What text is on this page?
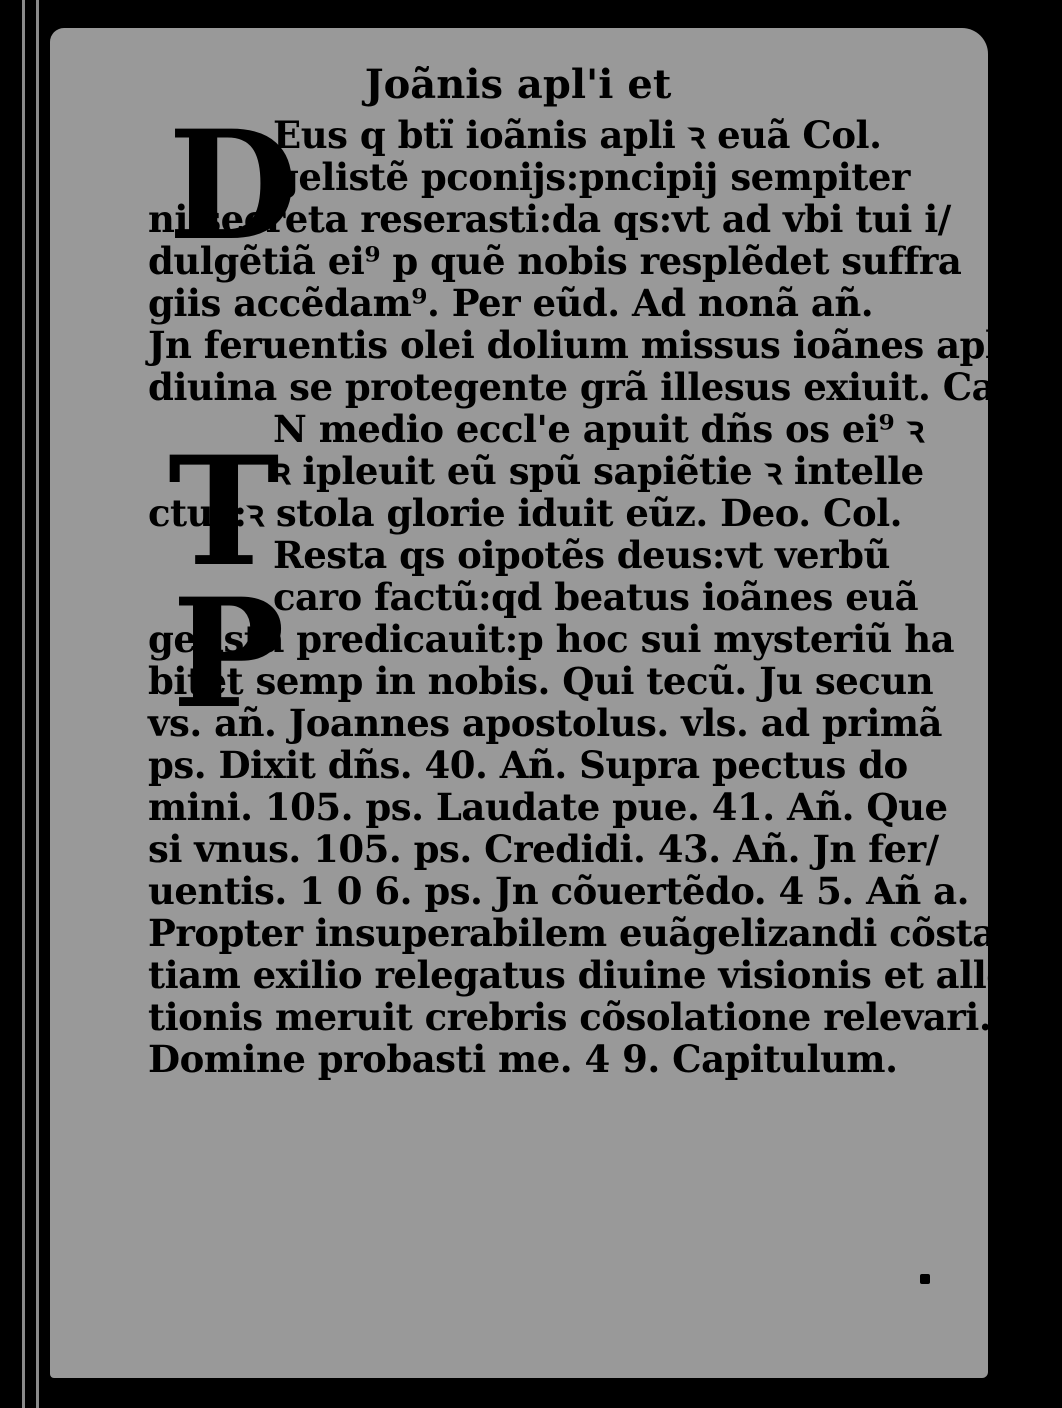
D
T
P
Joãnis apl'i et
Eus q btï ioãnis apli ꝛ euã Col.
gelistẽ pconijs:pncipij sempiter
ni secreta reserasti:da qs:vt ad vbi tui i/
dulgẽtiã ei⁹ p quẽ nobis resplẽdet suffra
giis accẽdam⁹. Per eũd. Ad nonã añ.
Jn feruentis olei dolium missus ioãnes aplo
diuina se protegente grã illesus exiuit. Cap.
N medio eccl'e apuit dñs os ei⁹ ꝛ
ꝛ ipleuit eũ spũ sapiẽtie ꝛ intelle
ctus:ꝛ stola glorie iduit eũz. Deo. Col.
Resta qs oipotẽs deus:vt verbũ
caro factũ:qd beatus ioãnes euã
gelista predicauit:p hoc sui mysteriũ ha
bitet semp in nobis. Qui tecũ. Ju secun
vs. añ. Joannes apostolus. vls. ad primã
ps. Dixit dñs. 40. Añ. Supra pectus do
mini. 105. ps. Laudate pue. 41. Añ. Que
si vnus. 105. ps. Credidi. 43. Añ. Jn fer/
uentis. 1 0 6. ps. Jn cõuertẽdo. 4 5. Añ a.
Propter insuperabilem euãgelizandi cõstan
tiam exilio relegatus diuine visionis et allocu
tionis meruit crebris cõsolatione relevari. ps.
Domine probasti me. 4 9. Capitulum.
